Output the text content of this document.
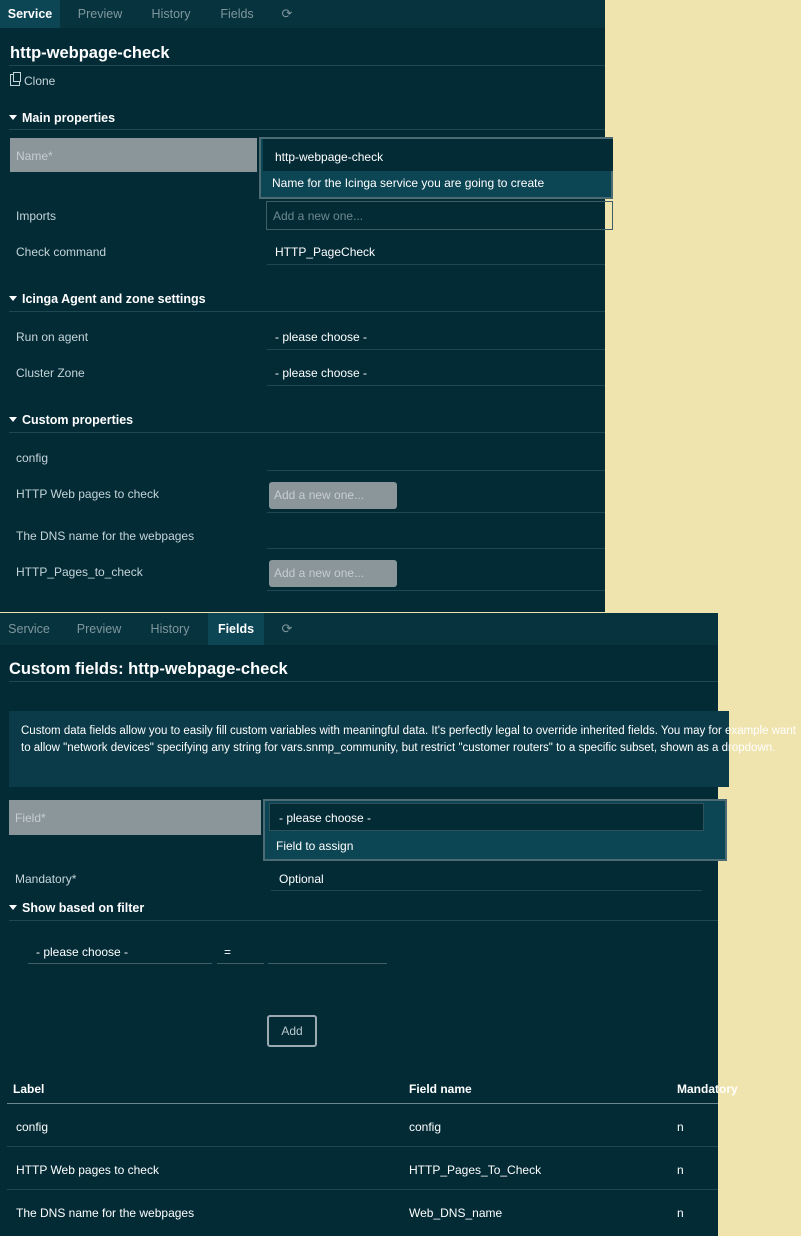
Service	Preview	History	Fields	⟳
http-webpage-check
Clone
Main properties
Name*	http-webpage-check
Name for the Icinga service you are going to create
Imports	Add a new one...
Check command	HTTP_PageCheck
Icinga Agent and zone settings
Run on agent	- please choose -
Cluster Zone	- please choose -
Custom properties
config
HTTP Web pages to check	Add a new one...
The DNS name for the webpages
HTTP_Pages_to_check	Add a new one...
Service	Preview	History	Fields	⟳
Custom fields: http-webpage-check
Custom data fields allow you to easily fill custom variables with meaningful data. It's perfectly legal to override inherited fields. You may for example want to allow "network devices" specifying any string for vars.snmp_community, but restrict "customer routers" to a specific subset, shown as a dropdown.
Field*	- please choose -
Field to assign
Mandatory*	Optional
Show based on filter
- please choose -	=
Add
Label	Field name	Mandatory
config	config	n
HTTP Web pages to check	HTTP_Pages_To_Check	n
The DNS name for the webpages	Web_DNS_name	n
